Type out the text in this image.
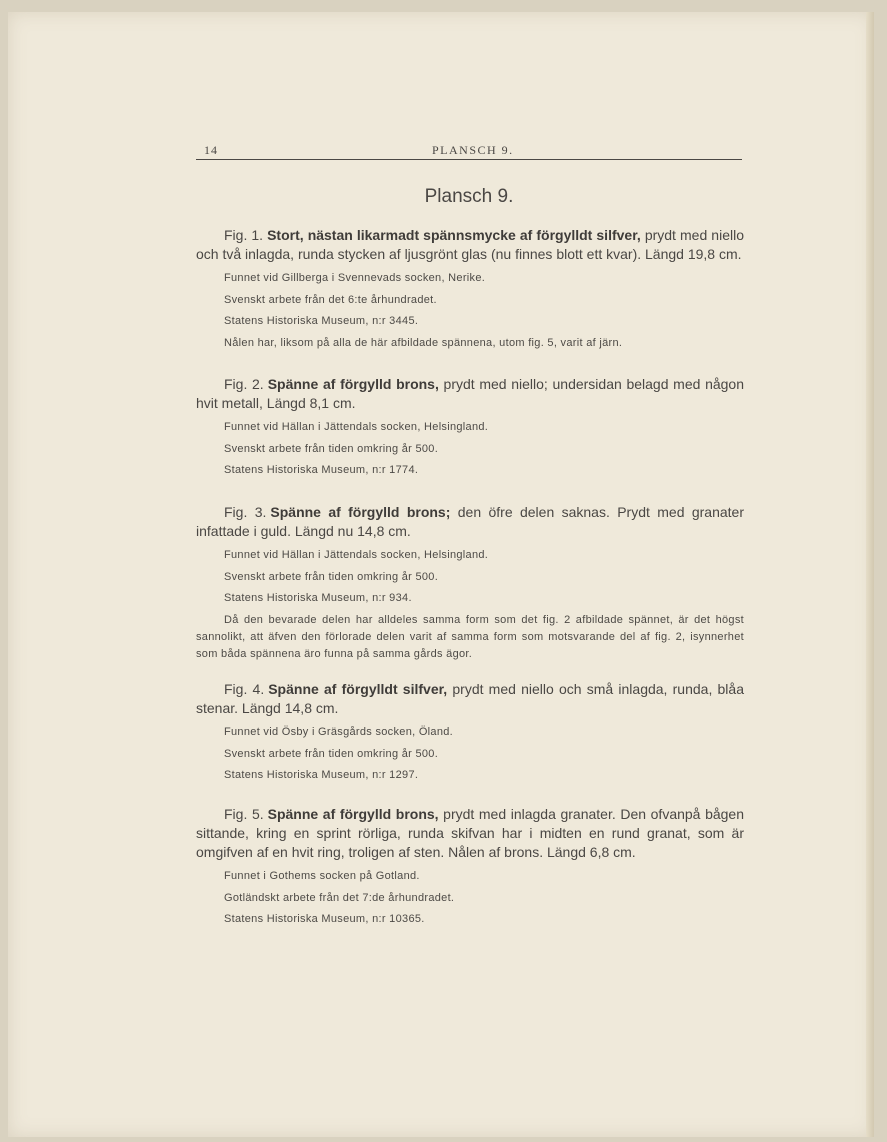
14	PLANSCH 9.
Plansch 9.

Fig. 1. Stort, nästan likarmadt spännsmycke af förgylldt silfver, prydt med niello och två inlagda, runda stycken af ljusgrönt glas (nu finnes blott ett kvar). Längd 19,8 cm.

Funnet vid Gillberga i Svennevads socken, Nerike.

Svenskt arbete från det 6:te århundradet.

Statens Historiska Museum, n:r 3445.

Nålen har, liksom på alla de här afbildade spännena, utom fig. 5, varit af järn.

Fig. 2. Spänne af förgylld brons, prydt med niello; undersidan belagd med någon hvit metall, Längd 8,1 cm.

Funnet vid Hällan i Jättendals socken, Helsingland.

Svenskt arbete från tiden omkring år 500.

Statens Historiska Museum, n:r 1774.

Fig. 3. Spänne af förgylld brons; den öfre delen saknas. Prydt med granater infattade i guld. Längd nu 14,8 cm.

Funnet vid Hällan i Jättendals socken, Helsingland.

Svenskt arbete från tiden omkring år 500.

Statens Historiska Museum, n:r 934.

Då den bevarade delen har alldeles samma form som det fig. 2 afbildade spännet, är det högst sannolikt, att äfven den förlorade delen varit af samma form som motsvarande del af fig. 2, isynnerhet som båda spännena äro funna på samma gårds ägor.

Fig. 4. Spänne af förgylldt silfver, prydt med niello och små inlagda, runda, blåa stenar. Längd 14,8 cm.

Funnet vid Ösby i Gräsgårds socken, Öland.

Svenskt arbete från tiden omkring år 500.

Statens Historiska Museum, n:r 1297.

Fig. 5. Spänne af förgylld brons, prydt med inlagda granater. Den ofvanpå bågen sittande, kring en sprint rörliga, runda skifvan har i midten en rund granat, som är omgifven af en hvit ring, troligen af sten. Nålen af brons. Längd 6,8 cm.

Funnet i Gothems socken på Gotland.

Gotländskt arbete från det 7:de århundradet.

Statens Historiska Museum, n:r 10365.
